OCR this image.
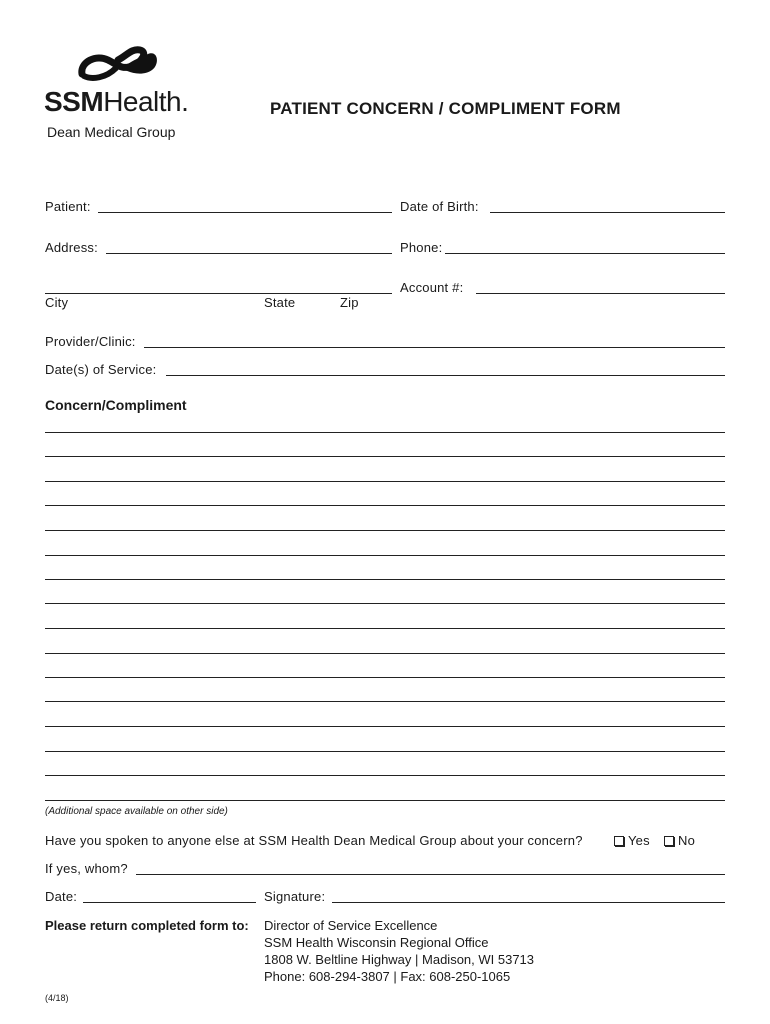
SSMHealth.
Dean Medical Group
PATIENT CONCERN / COMPLIMENT FORM
Patient:	Date of Birth:
Address:	Phone:
Account #:
City	State	Zip
Provider/Clinic:
Date(s) of Service:
Concern/Compliment
(Additional space available on other side)
Have you spoken to anyone else at SSM Health Dean Medical Group about your concern?	Yes	No
If yes, whom?
Date:	Signature:
Please return completed form to: Director of Service Excellence
SSM Health Wisconsin Regional Office
1808 W. Beltline Highway | Madison, WI 53713
Phone: 608-294-3807 | Fax: 608-250-1065
(4/18)
